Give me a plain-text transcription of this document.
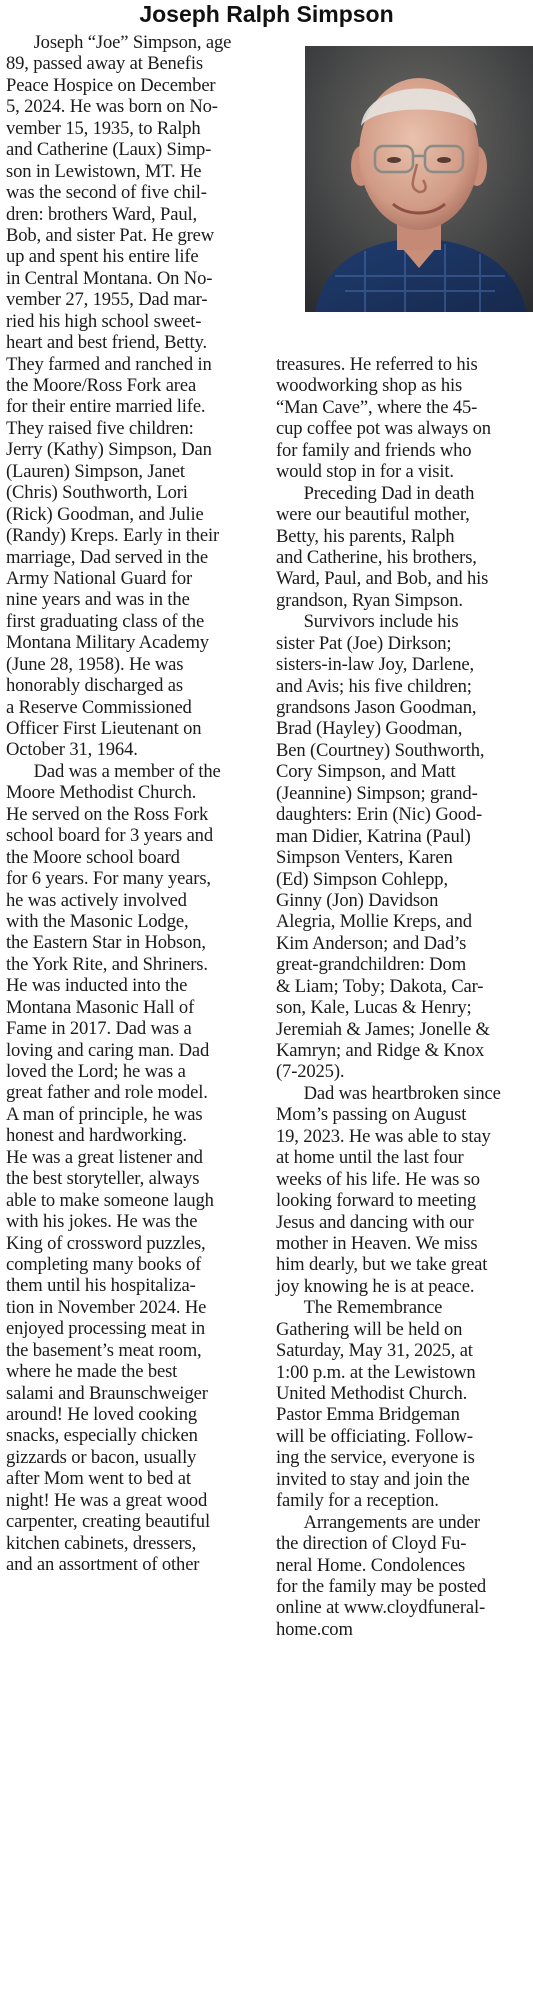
Joseph Ralph Simpson
  Joseph “Joe” Simpson, age
89, passed away at Benefis
Peace Hospice on December
5, 2024. He was born on No-
vember 15, 1935, to Ralph
and Catherine (Laux) Simp-
son in Lewistown, MT. He
was the second of five chil-
dren: brothers Ward, Paul,
Bob, and sister Pat. He grew
up and spent his entire life
in Central Montana. On No-
vember 27, 1955, Dad mar-
ried his high school sweet-
heart and best friend, Betty.
They farmed and ranched in
the Moore/Ross Fork area
for their entire married life.
They raised five children:
Jerry (Kathy) Simpson, Dan
(Lauren) Simpson, Janet
(Chris) Southworth, Lori
(Rick) Goodman, and Julie
(Randy) Kreps. Early in their
marriage, Dad served in the
Army National Guard for
nine years and was in the
first graduating class of the
Montana Military Academy
(June 28, 1958). He was
honorably discharged as
a Reserve Commissioned
Officer First Lieutenant on
October 31, 1964.
  Dad was a member of the
Moore Methodist Church.
He served on the Ross Fork
school board for 3 years and
the Moore school board
for 6 years. For many years,
he was actively involved
with the Masonic Lodge,
the Eastern Star in Hobson,
the York Rite, and Shriners.
He was inducted into the
Montana Masonic Hall of
Fame in 2017. Dad was a
loving and caring man. Dad
loved the Lord; he was a
great father and role model.
A man of principle, he was
honest and hardworking.
He was a great listener and
the best storyteller, always
able to make someone laugh
with his jokes. He was the
King of crossword puzzles,
completing many books of
them until his hospitaliza-
tion in November 2024. He
enjoyed processing meat in
the basement’s meat room,
where he made the best
salami and Braunschweiger
around! He loved cooking
snacks, especially chicken
gizzards or bacon, usually
after Mom went to bed at
night! He was a great wood
carpenter, creating beautiful
kitchen cabinets, dressers,
and an assortment of other
treasures. He referred to his
woodworking shop as his
“Man Cave”, where the 45-
cup coffee pot was always on
for family and friends who
would stop in for a visit.
  Preceding Dad in death
were our beautiful mother,
Betty, his parents, Ralph
and Catherine, his brothers,
Ward, Paul, and Bob, and his
grandson, Ryan Simpson.
  Survivors include his
sister Pat (Joe) Dirkson;
sisters-in-law Joy, Darlene,
and Avis; his five children;
grandsons Jason Goodman,
Brad (Hayley) Goodman,
Ben (Courtney) Southworth,
Cory Simpson, and Matt
(Jeannine) Simpson; grand-
daughters: Erin (Nic) Good-
man Didier, Katrina (Paul)
Simpson Venters, Karen
(Ed) Simpson Cohlepp,
Ginny (Jon) Davidson
Alegria, Mollie Kreps, and
Kim Anderson; and Dad’s
great-grandchildren: Dom
& Liam; Toby; Dakota, Car-
son, Kale, Lucas & Henry;
Jeremiah & James; Jonelle &
Kamryn; and Ridge & Knox
(7-2025).
  Dad was heartbroken since
Mom’s passing on August
19, 2023. He was able to stay
at home until the last four
weeks of his life. He was so
looking forward to meeting
Jesus and dancing with our
mother in Heaven. We miss
him dearly, but we take great
joy knowing he is at peace.
  The Remembrance
Gathering will be held on
Saturday, May 31, 2025, at
1:00 p.m. at the Lewistown
United Methodist Church.
Pastor Emma Bridgeman
will be officiating. Follow-
ing the service, everyone is
invited to stay and join the
family for a reception.
  Arrangements are under
the direction of Cloyd Fu-
neral Home. Condolences
for the family may be posted
online at www.cloydfuneral-
home.com
